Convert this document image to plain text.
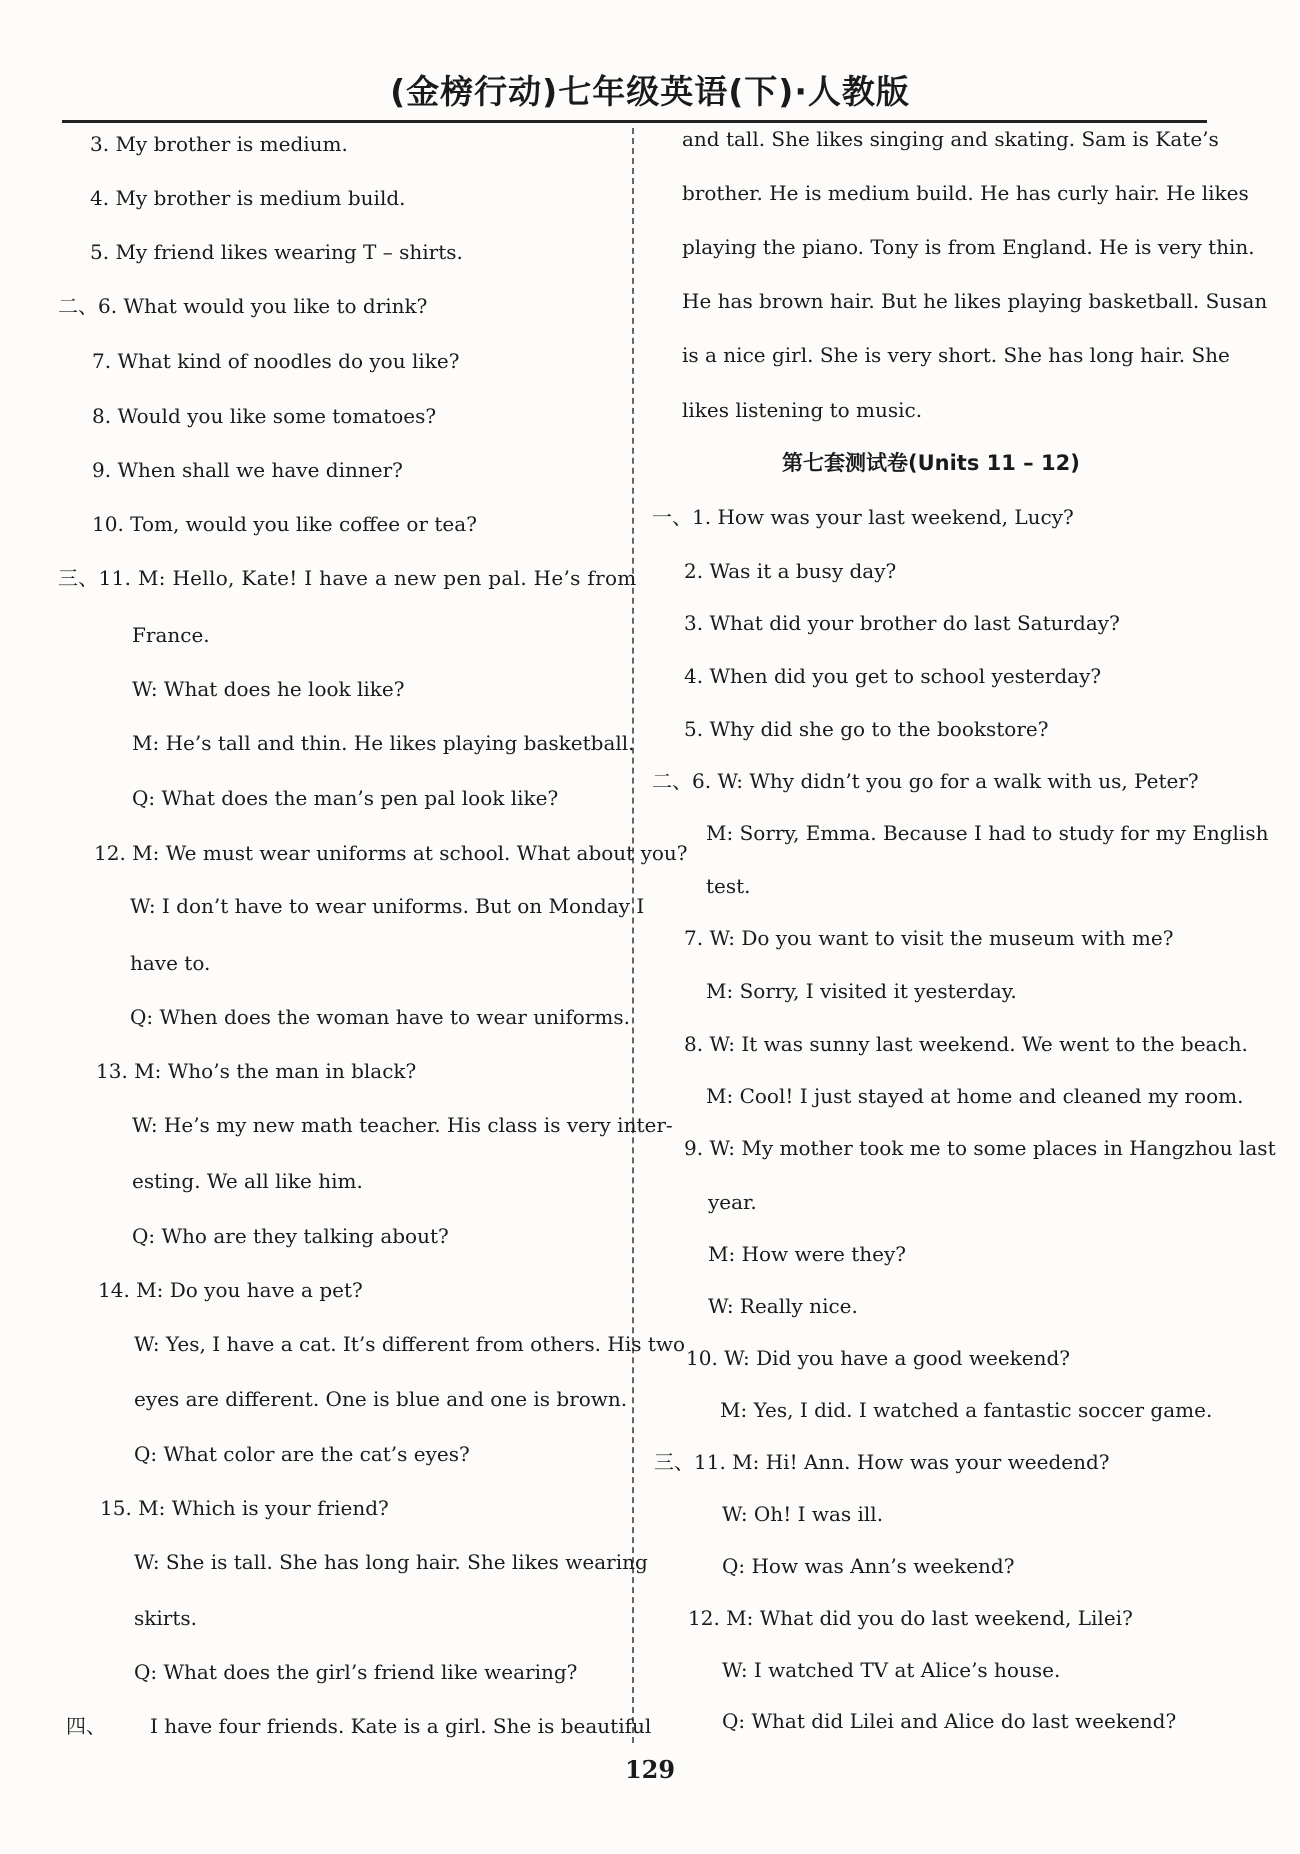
(金榜行动)七年级英语(下)·人教版
3. My brother is medium.
4. My brother is medium build.
5. My friend likes wearing T – shirts.
二、6. What would you like to drink?
7. What kind of noodles do you like?
8. Would you like some tomatoes?
9. When shall we have dinner?
10. Tom, would you like coffee or tea?
三、11. M: Hello, Kate! I have a new pen pal. He’s from
France.
W: What does he look like?
M: He’s tall and thin. He likes playing basketball.
Q: What does the man’s pen pal look like?
12. M: We must wear uniforms at school. What about you?
W: I don’t have to wear uniforms. But on Monday I
have to.
Q: When does the woman have to wear uniforms.
13. M: Who’s the man in black?
W: He’s my new math teacher. His class is very inter-
esting. We all like him.
Q: Who are they talking about?
14. M: Do you have a pet?
W: Yes, I have a cat. It’s different from others. His two
eyes are different. One is blue and one is brown.
Q: What color are the cat’s eyes?
15. M: Which is your friend?
W: She is tall. She has long hair. She likes wearing
skirts.
Q: What does the girl’s friend like wearing?
四、 I have four friends. Kate is a girl. She is beautiful
and tall. She likes singing and skating. Sam is Kate’s
brother. He is medium build. He has curly hair. He likes
playing the piano. Tony is from England. He is very thin.
He has brown hair. But he likes playing basketball. Susan
is a nice girl. She is very short. She has long hair. She
likes listening to music.
第七套测试卷(Units 11 – 12)
一、1. How was your last weekend, Lucy?
2. Was it a busy day?
3. What did your brother do last Saturday?
4. When did you get to school yesterday?
5. Why did she go to the bookstore?
二、6. W: Why didn’t you go for a walk with us, Peter?
M: Sorry, Emma. Because I had to study for my English
test.
7. W: Do you want to visit the museum with me?
M: Sorry, I visited it yesterday.
8. W: It was sunny last weekend. We went to the beach.
M: Cool! I just stayed at home and cleaned my room.
9. W: My mother took me to some places in Hangzhou last
year.
M: How were they?
W: Really nice.
10. W: Did you have a good weekend?
M: Yes, I did. I watched a fantastic soccer game.
三、11. M: Hi! Ann. How was your weedend?
W: Oh! I was ill.
Q: How was Ann’s weekend?
12. M: What did you do last weekend, Lilei?
W: I watched TV at Alice’s house.
Q: What did Lilei and Alice do last weekend?
129
